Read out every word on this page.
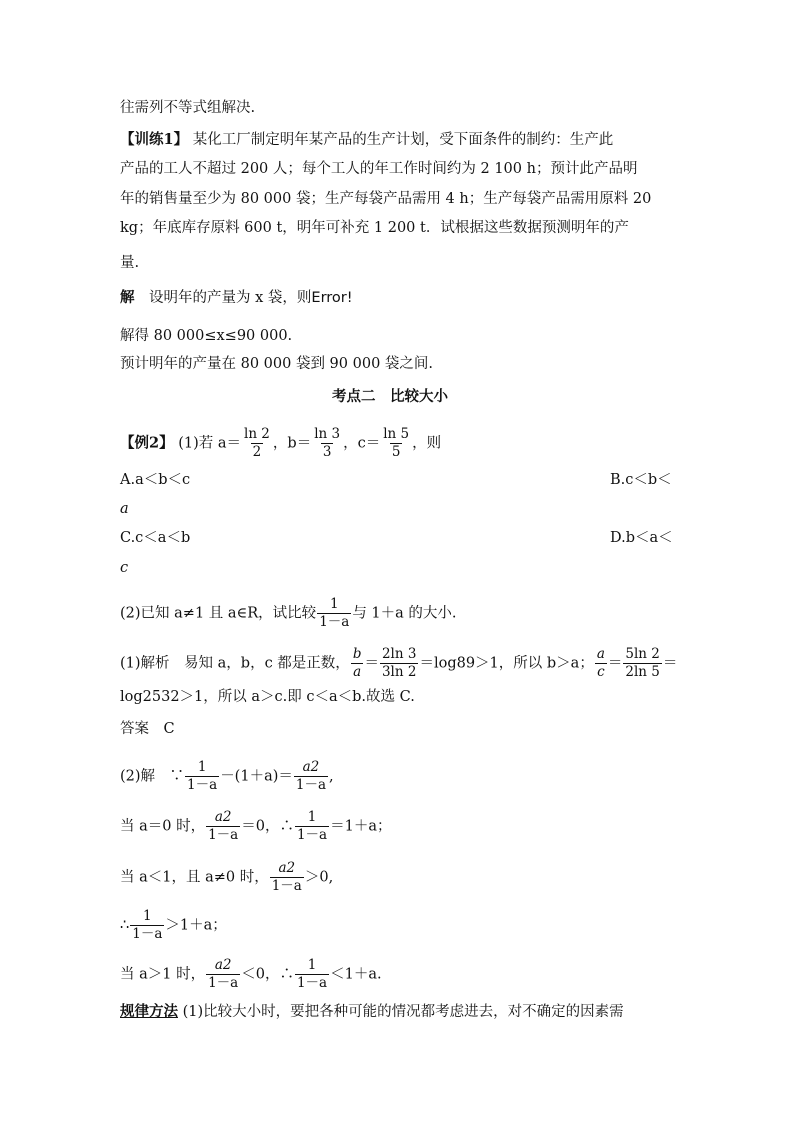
往需列不等式组解决.
【训练1】 某化工厂制定明年某产品的生产计划，受下面条件的制约：生产此
产品的工人不超过 200 人；每个工人的年工作时间约为 2 100 h；预计此产品明
年的销售量至少为 80 000 袋；生产每袋产品需用 4 h；生产每袋产品需用原料 20
kg；年底库存原料 600 t，明年可补充 1 200 t．试根据这些数据预测明年的产
量.
解　 设明年的产量为 x 袋，则Error!
解得 80 000≤x≤90 000.
预计明年的产量在 80 000 袋到 90 000 袋之间.
考点二　比较大小
【例2】 (1)若 $a= \frac{\ln 2}{2}$ ，$b= \frac{\ln 3}{3}$ ，$c= \frac{\ln 5}{5}$ ，则
A.a＜b＜c	B.c＜b＜
a
C.c＜a＜b	D.b＜a＜
c
(2)已知 a≠1 且 a∈R，试比较 $\frac{1}{1-a}$ 与 1＋a 的大小.
(1)解析　易知 a，b，c 都是正数， $\frac{b}{a} = \frac{2\ln 3}{3\ln 2} =\log 89>1$，所以 b＞a； $\frac{a}{c} = \frac{5\ln 2}{2\ln 5}$ ＝
log2532＞1，所以 a＞c.即 c＜a＜b.故选 C.
答案　C
(2)解　∵ $\frac{1}{1-a} -(1+a)= \frac{a2}{1-a}$ ,
当 a＝0 时， $\frac{a2}{1-a} =0$，∴ $\frac{1}{1-a} =1+a$；
当 a＜1，且 a≠0 时， $\frac{a2}{1-a} >0$,
∴ $\frac{1}{1-a} >1+a$；
当 a＞1 时， $\frac{a2}{1-a} <0$，∴ $\frac{1}{1-a} <1+a$.
规律方法 (1)比较大小时，要把各种可能的情况都考虑进去，对不确定的因素需
